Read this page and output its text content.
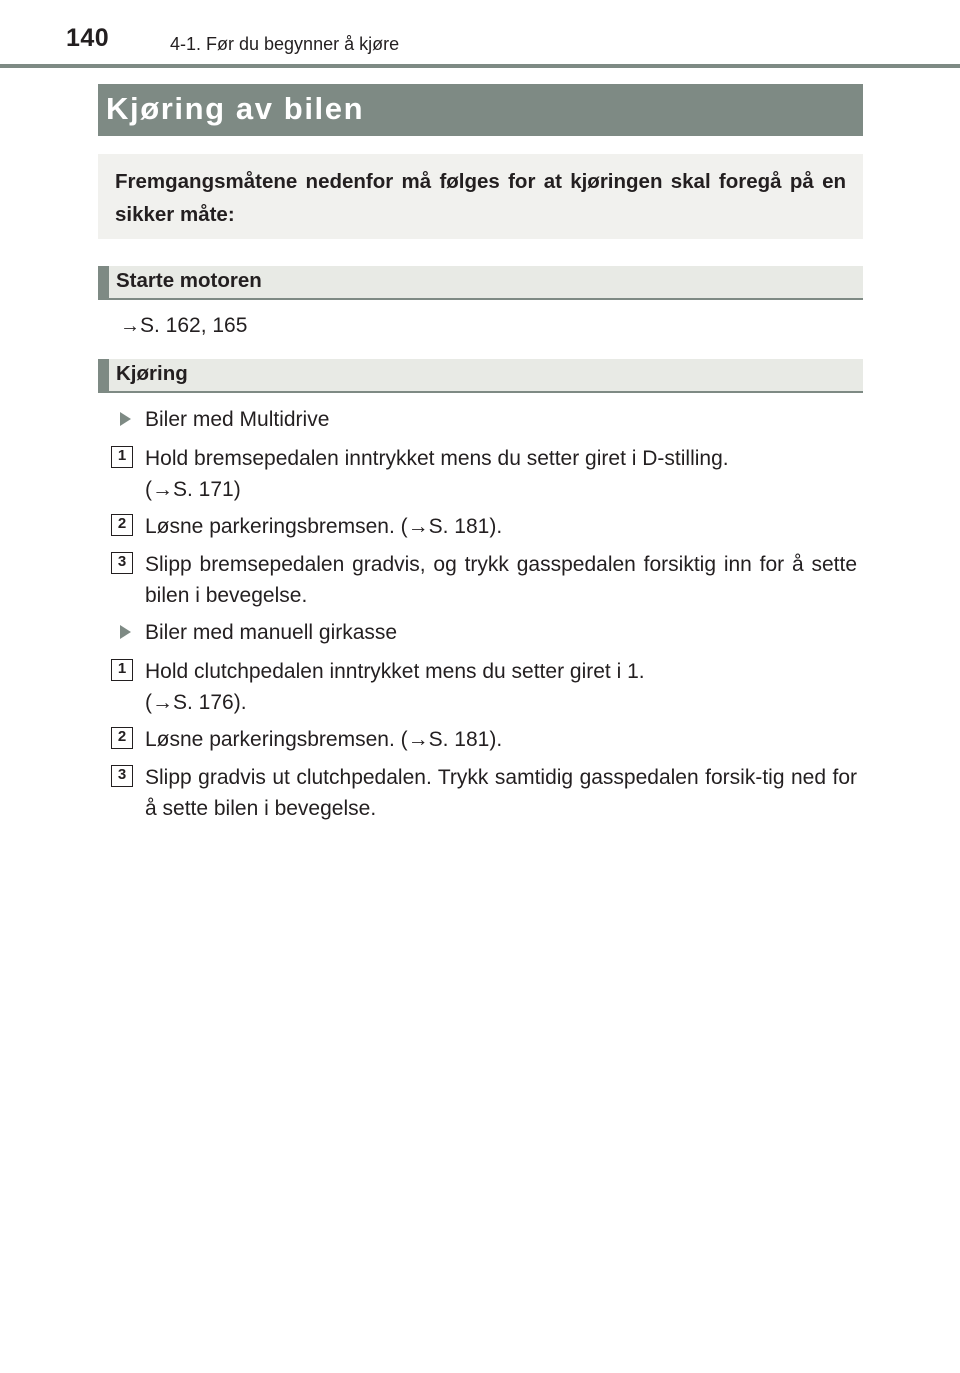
140	4-1. Før du begynner å kjøre
Kjøring av bilen
Fremgangsmåtene nedenfor må følges for at kjøringen skal foregå på en sikker måte:
Starte motoren
→S. 162, 165
Kjøring
Biler med Multidrive
1 Hold bremsepedalen inntrykket mens du setter giret i D-stilling.
(→S. 171)
2 Løsne parkeringsbremsen. (→S. 181).
3 Slipp bremsepedalen gradvis, og trykk gasspedalen forsiktig inn for å sette bilen i bevegelse.
Biler med manuell girkasse
1 Hold clutchpedalen inntrykket mens du setter giret i 1.
(→S. 176).
2 Løsne parkeringsbremsen. (→S. 181).
3 Slipp gradvis ut clutchpedalen. Trykk samtidig gasspedalen forsik-tig ned for å sette bilen i bevegelse.
